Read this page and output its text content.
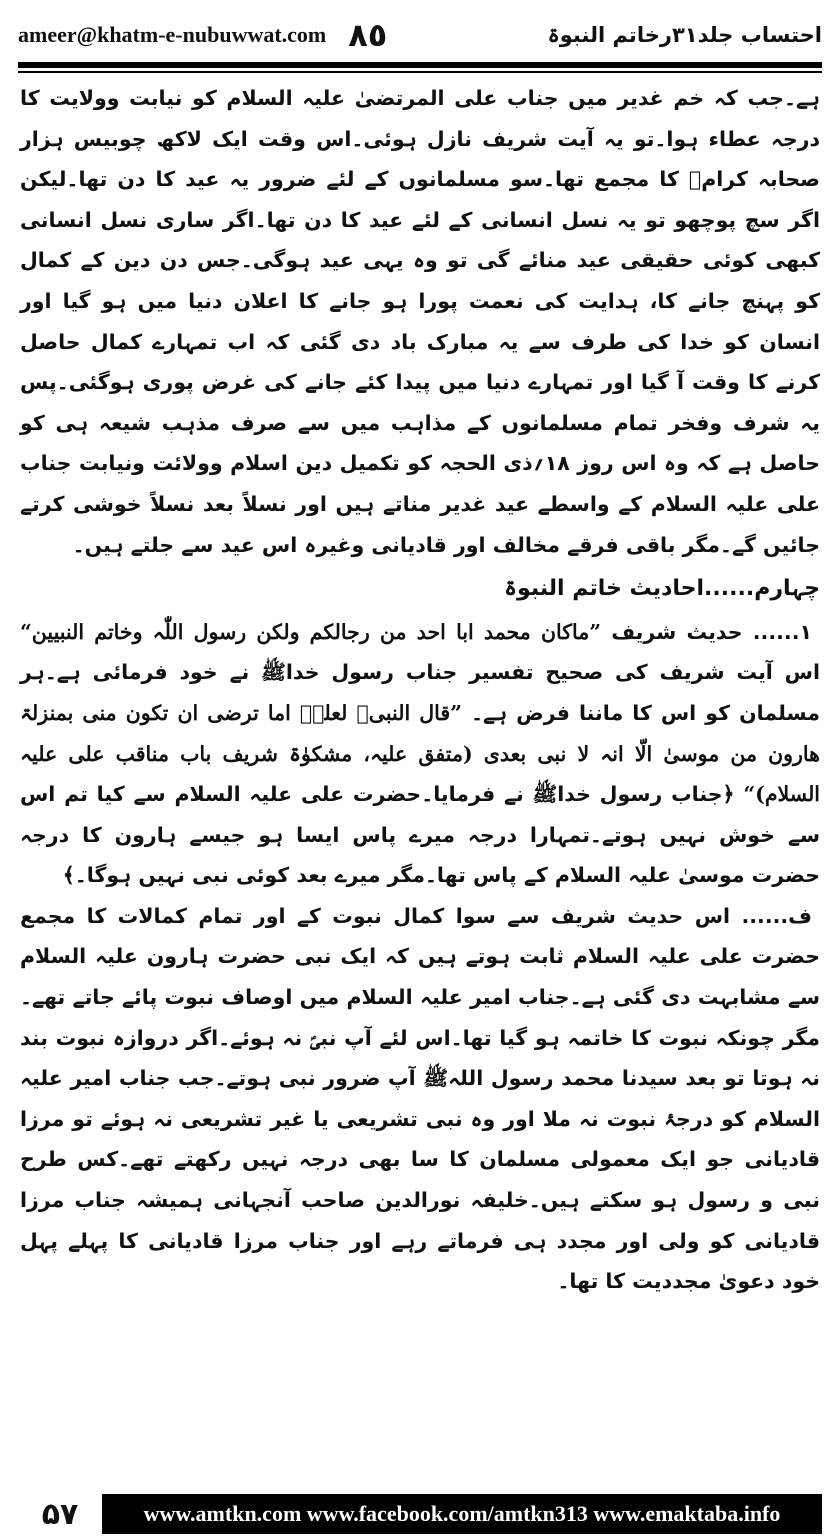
ameer@khatm-e-nubuwwat.com ٨٥	احتساب جلد۳۱رخاتم النبوۃ

ہے۔جب کہ خم غدیر میں جناب علی المرتضیٰ علیہ السلام کو نیابت وولایت کا درجہ عطاء ہوا۔تو یہ آیت شریف نازل ہوئی۔اس وقت ایک لاکھ چوبیس ہزار صحابہ کرامؓ کا مجمع تھا۔سو مسلمانوں کے لئے ضرور یہ عید کا دن تھا۔لیکن اگر سچ پوچھو تو یہ نسل انسانی کے لئے عید کا دن تھا۔اگر ساری نسل انسانی کبھی کوئی حقیقی عید منائے گی تو وہ یہی عید ہوگی۔جس دن دین کے کمال کو پہنچ جانے کا، ہدایت کی نعمت پورا ہو جانے کا اعلان دنیا میں ہو گیا اور انسان کو خدا کی طرف سے یہ مبارک باد دی گئی کہ اب تمہارے کمال حاصل کرنے کا وقت آ گیا اور تمہارے دنیا میں پیدا کئے جانے کی غرض پوری ہوگئی۔پس یہ شرف وفخر تمام مسلمانوں کے مذاہب میں سے صرف مذہب شیعہ ہی کو حاصل ہے کہ وہ اس روز ۱۸؍ذی الحجہ کو تکمیل دین اسلام وولائت ونیابت جناب علی علیہ السلام کے واسطے عید غدیر مناتے ہیں اور نسلاً بعد نسلاً خوشی کرتے جائیں گے۔مگر باقی فرقے مخالف اور قادیانی وغیرہ اس عید سے جلتے ہیں۔

چہارم......احادیث خاتم النبوۃ

۱...... حدیث شریف ”ماکان محمد ابا احد من رجالکم ولکن رسول اللّٰہ وخاتم النبیین“ اس آیت شریف کی صحیح تفسیر جناب رسول خداﷺ نے خود فرمائی ہے۔ہر مسلمان کو اس کا ماننا فرض ہے۔ ”قال النبیﷺ لعلیؓ اما ترضی ان تکون منی بمنزلۃ ھارون من موسیٰ الّا انہ لا نبی بعدی (متفق علیہ، مشکوٰۃ شریف باب مناقب علی علیہ السلام)“ ﴿جناب رسول خداﷺ نے فرمایا۔حضرت علی علیہ السلام سے کیا تم اس سے خوش نہیں ہوتے۔تمہارا درجہ میرے پاس ایسا ہو جیسے ہارون کا درجہ حضرت موسیٰ علیہ السلام کے پاس تھا۔مگر میرے بعد کوئی نبی نہیں ہوگا۔﴾

ف...... اس حدیث شریف سے سوا کمال نبوت کے اور تمام کمالات کا مجمع حضرت علی علیہ السلام ثابت ہوتے ہیں کہ ایک نبی حضرت ہارون علیہ السلام سے مشابہت دی گئی ہے۔جناب امیر علیہ السلام میں اوصاف نبوت پائے جاتے تھے۔مگر چونکہ نبوت کا خاتمہ ہو گیا تھا۔اس لئے آپ نبیؑ نہ ہوئے۔اگر دروازہ نبوت بند نہ ہوتا تو بعد سیدنا محمد رسول اللہﷺ آپ ضرور نبی ہوتے۔جب جناب امیر علیہ السلام کو درجۂ نبوت نہ ملا اور وہ نبی تشریعی یا غیر تشریعی نہ ہوئے تو مرزا قادیانی جو ایک معمولی مسلمان کا سا بھی درجہ نہیں رکھتے تھے۔کس طرح نبی و رسول ہو سکتے ہیں۔خلیفہ نورالدین صاحب آنجہانی ہمیشہ جناب مرزا قادیانی کو ولی اور مجدد ہی فرماتے رہے اور جناب مرزا قادیانی کا پہلے پہل خود دعویٰ مجددیت کا تھا۔

۵۷	www.amtkn.com www.facebook.com/amtkn313 www.emaktaba.info
